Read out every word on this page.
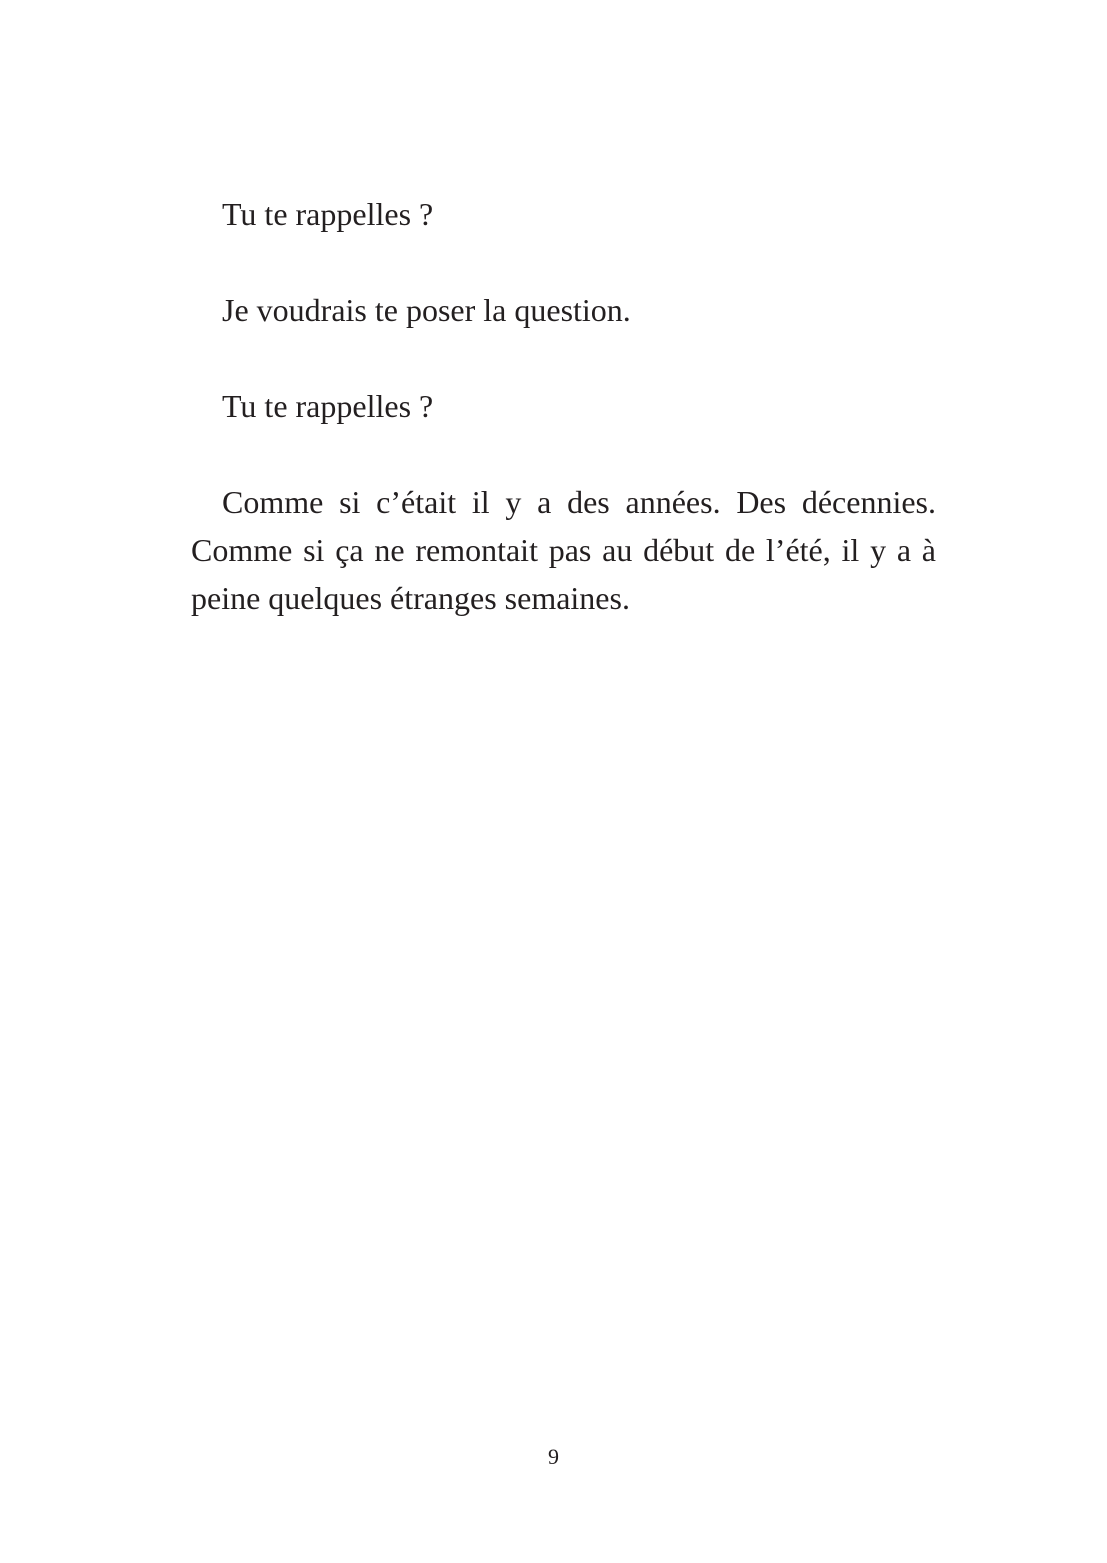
Tu te rappelles ?

Je voudrais te poser la question.

Tu te rappelles ?

Comme si c’était il y a des années. Des décennies. Comme si ça ne remontait pas au début de l’été, il y a à peine quelques étranges semaines.

9
